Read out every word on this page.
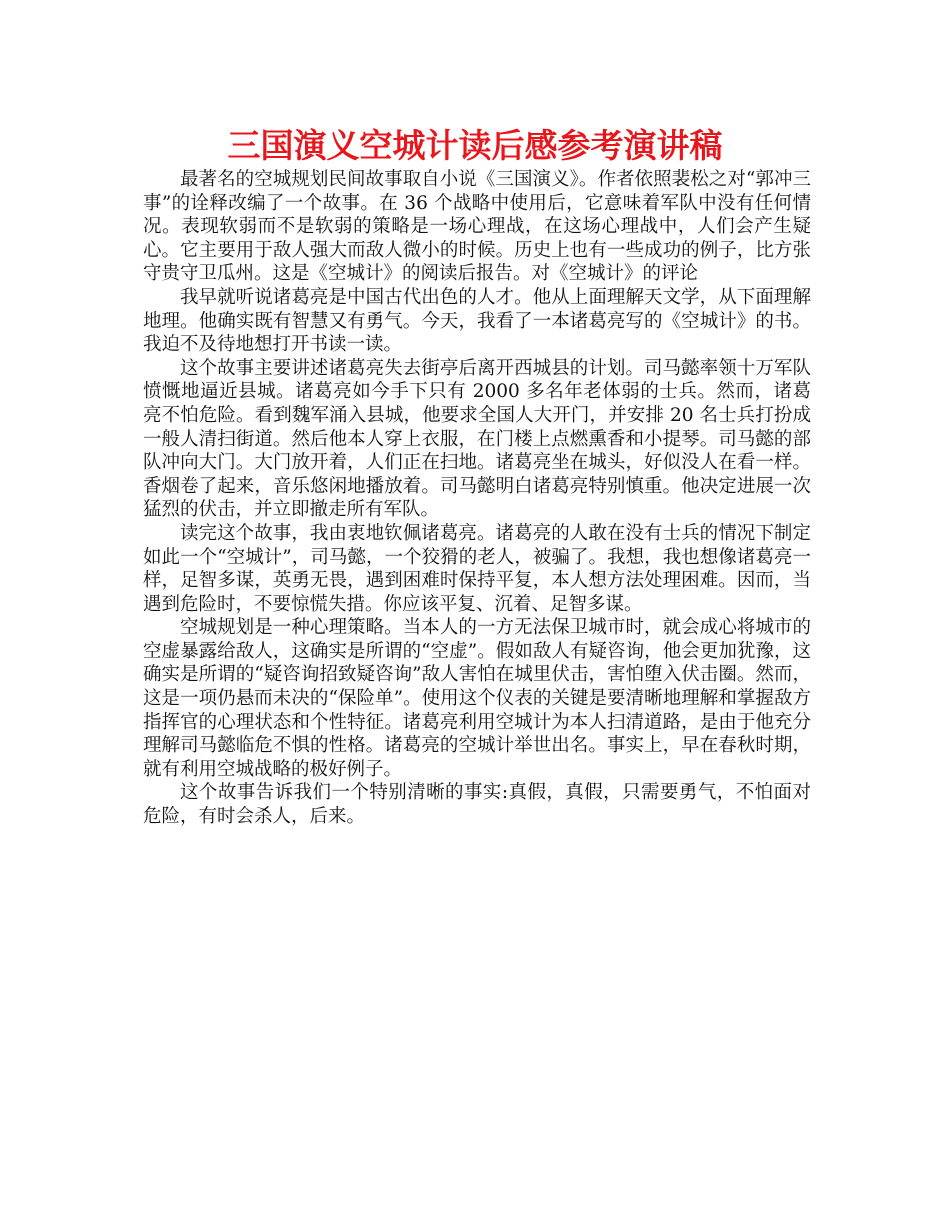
三国演义空城计读后感参考演讲稿

最著名的空城规划民间故事取自小说《三国演义》。作者依照裴松之对“郭冲三事”的诠释改编了一个故事。在 36 个战略中使用后，它意味着军队中没有任何情况。表现软弱而不是软弱的策略是一场心理战，在这场心理战中，人们会产生疑心。它主要用于敌人强大而敌人微小的时候。历史上也有一些成功的例子，比方张守贵守卫瓜州。这是《空城计》的阅读后报告。对《空城计》的评论

我早就听说诸葛亮是中国古代出色的人才。他从上面理解天文学，从下面理解地理。他确实既有智慧又有勇气。今天，我看了一本诸葛亮写的《空城计》的书。我迫不及待地想打开书读一读。

这个故事主要讲述诸葛亮失去街亭后离开西城县的计划。司马懿率领十万军队愤慨地逼近县城。诸葛亮如今手下只有 2000 多名年老体弱的士兵。然而，诸葛亮不怕危险。看到魏军涌入县城，他要求全国人大开门，并安排 20 名士兵打扮成一般人清扫街道。然后他本人穿上衣服，在门楼上点燃熏香和小提琴。司马懿的部队冲向大门。大门放开着，人们正在扫地。诸葛亮坐在城头，好似没人在看一样。香烟卷了起来，音乐悠闲地播放着。司马懿明白诸葛亮特别慎重。他决定进展一次猛烈的伏击，并立即撤走所有军队。

读完这个故事，我由衷地钦佩诸葛亮。诸葛亮的人敢在没有士兵的情况下制定如此一个“空城计”，司马懿，一个狡猾的老人，被骗了。我想，我也想像诸葛亮一样，足智多谋，英勇无畏，遇到困难时保持平复，本人想方法处理困难。因而，当遇到危险时，不要惊慌失措。你应该平复、沉着、足智多谋。

空城规划是一种心理策略。当本人的一方无法保卫城市时，就会成心将城市的空虚暴露给敌人，这确实是所谓的“空虚”。假如敌人有疑咨询，他会更加犹豫，这确实是所谓的“疑咨询招致疑咨询”敌人害怕在城里伏击，害怕堕入伏击圈。然而，这是一项仍悬而未决的“保险单”。使用这个仪表的关键是要清晰地理解和掌握敌方指挥官的心理状态和个性特征。诸葛亮利用空城计为本人扫清道路，是由于他充分理解司马懿临危不惧的性格。诸葛亮的空城计举世出名。事实上，早在春秋时期，就有利用空城战略的极好例子。

这个故事告诉我们一个特别清晰的事实:真假，真假，只需要勇气，不怕面对危险，有时会杀人，后来。
